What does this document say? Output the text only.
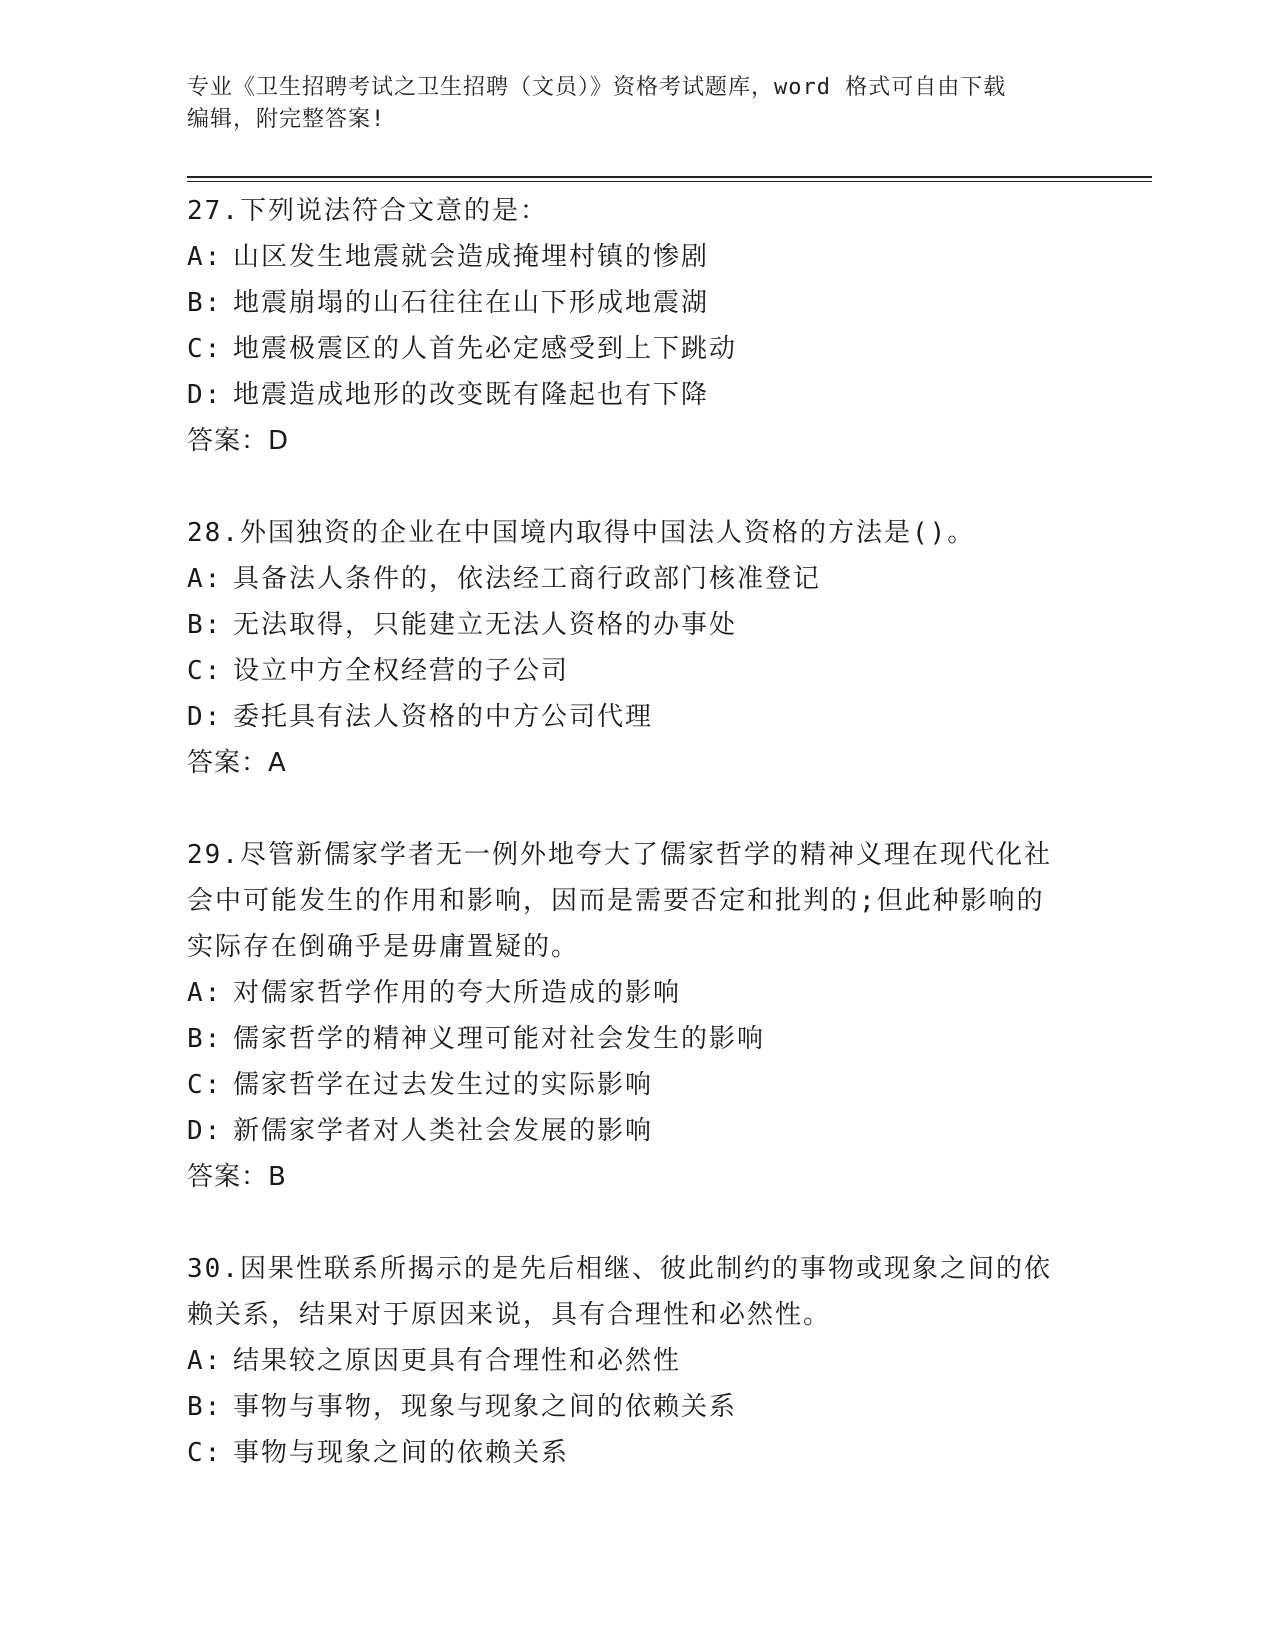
专业《卫生招聘考试之卫生招聘（文员）》资格考试题库，word 格式可自由下载
编辑，附完整答案!

27.下列说法符合文意的是：

A: 山区发生地震就会造成掩埋村镇的惨剧

B: 地震崩塌的山石往往在山下形成地震湖

C: 地震极震区的人首先必定感受到上下跳动

D: 地震造成地形的改变既有隆起也有下降

答案：D

28.外国独资的企业在中国境内取得中国法人资格的方法是()。

A: 具备法人条件的，依法经工商行政部门核准登记

B: 无法取得，只能建立无法人资格的办事处

C: 设立中方全权经营的子公司

D: 委托具有法人资格的中方公司代理

答案：A

29.尽管新儒家学者无一例外地夸大了儒家哲学的精神义理在现代化社

会中可能发生的作用和影响，因而是需要否定和批判的;但此种影响的

实际存在倒确乎是毋庸置疑的。

A: 对儒家哲学作用的夸大所造成的影响

B: 儒家哲学的精神义理可能对社会发生的影响

C: 儒家哲学在过去发生过的实际影响

D: 新儒家学者对人类社会发展的影响

答案：B

30.因果性联系所揭示的是先后相继、彼此制约的事物或现象之间的依

赖关系，结果对于原因来说，具有合理性和必然性。

A: 结果较之原因更具有合理性和必然性

B: 事物与事物，现象与现象之间的依赖关系

C: 事物与现象之间的依赖关系
